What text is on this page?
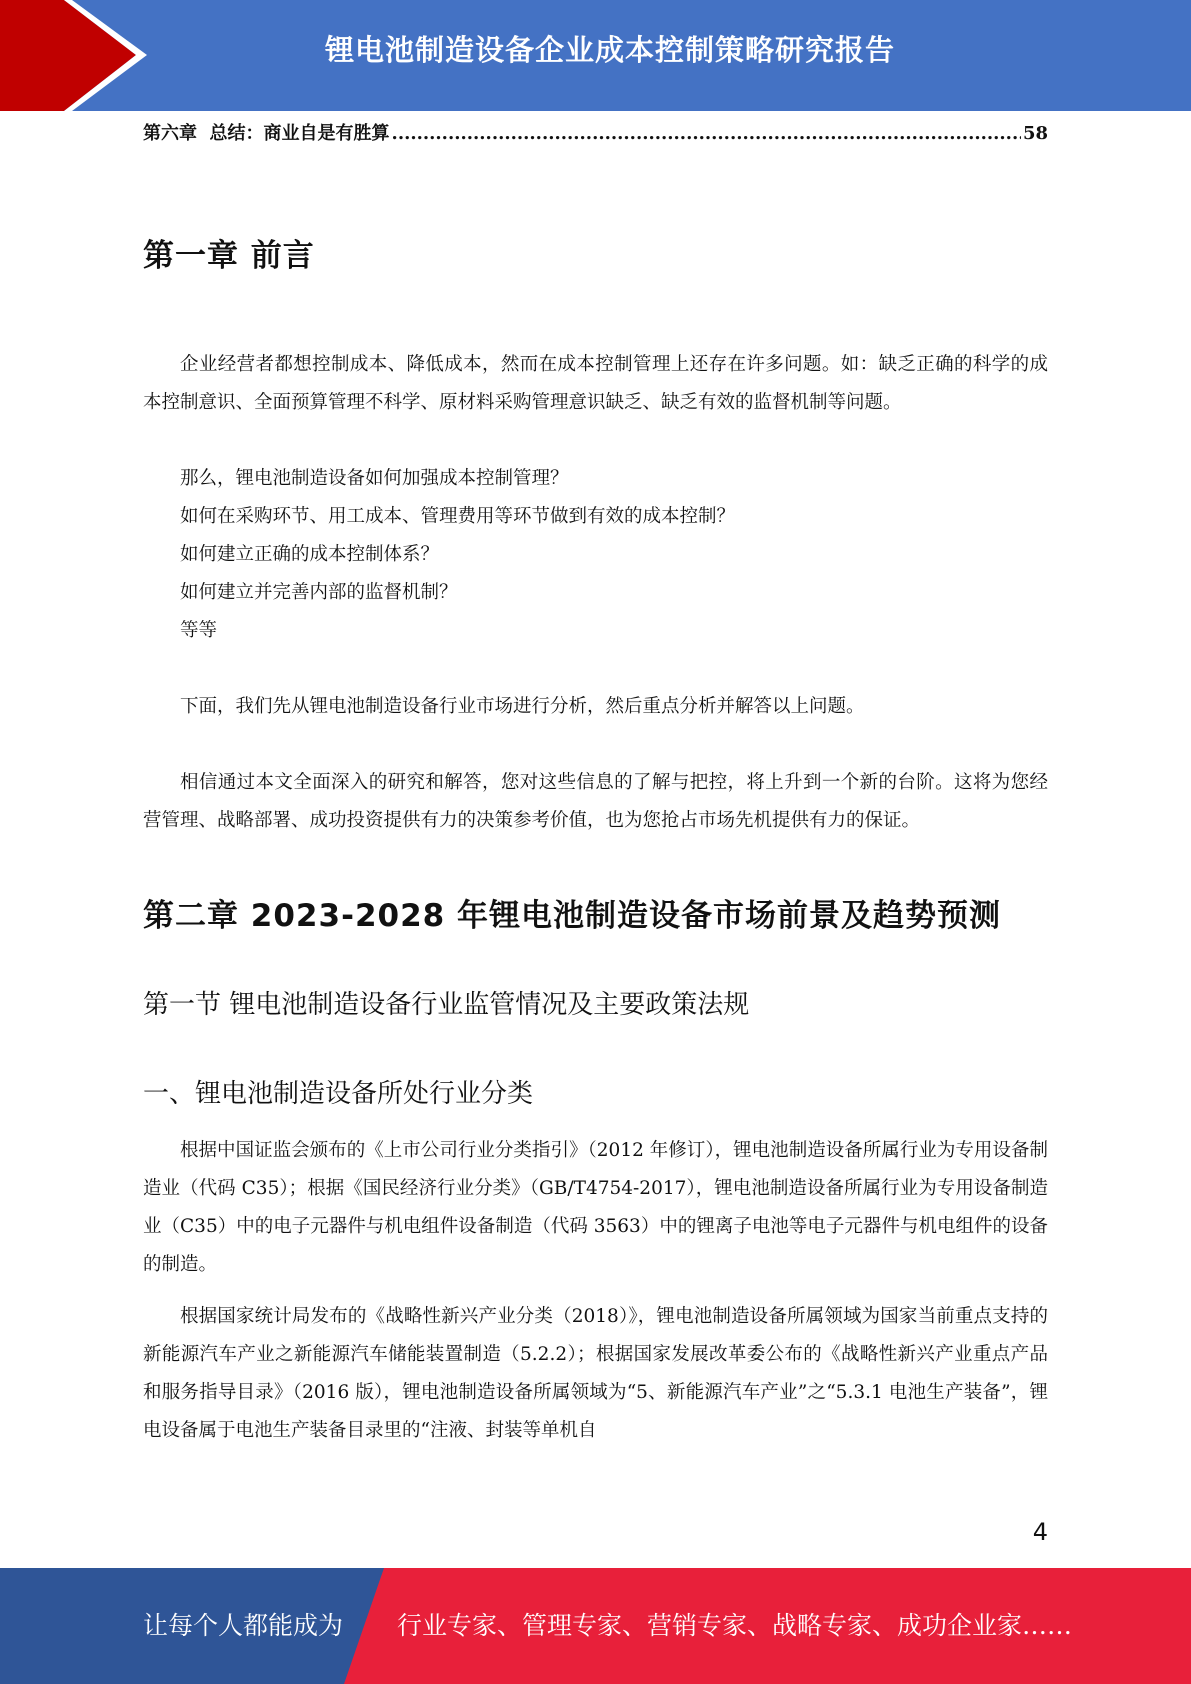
锂电池制造设备企业成本控制策略研究报告
第六章  总结：商业自是有胜算
.....	58
第一章 前言

企业经营者都想控制成本、降低成本，然而在成本控制管理上还存在许多问题。如：缺乏正确的科学的成本控制意识、全面预算管理不科学、原材料采购管理意识缺乏、缺乏有效的监督机制等问题。

那么，锂电池制造设备如何加强成本控制管理？

如何在采购环节、用工成本、管理费用等环节做到有效的成本控制？

如何建立正确的成本控制体系？

如何建立并完善内部的监督机制？

等等

下面，我们先从锂电池制造设备行业市场进行分析，然后重点分析并解答以上问题。

相信通过本文全面深入的研究和解答，您对这些信息的了解与把控，将上升到一个新的台阶。这将为您经营管理、战略部署、成功投资提供有力的决策参考价值，也为您抢占市场先机提供有力的保证。

第二章 2023-2028 年锂电池制造设备市场前景及趋势预测
第一节 锂电池制造设备行业监管情况及主要政策法规
一、锂电池制造设备所处行业分类

根据中国证监会颁布的《上市公司行业分类指引》（2012 年修订），锂电池制造设备所属行业为专用设备制造业（代码 C35）；根据《国民经济行业分类》（GB/T4754-2017），锂电池制造设备所属行业为专用设备制造业（C35）中的电子元器件与机电组件设备制造（代码 3563）中的锂离子电池等电子元器件与机电组件的设备的制造。

根据国家统计局发布的《战略性新兴产业分类（2018）》，锂电池制造设备所属领域为国家当前重点支持的新能源汽车产业之新能源汽车储能装置制造（5.2.2）；根据国家发展改革委公布的《战略性新兴产业重点产品和服务指导目录》（2016 版），锂电池制造设备所属领域为“5、新能源汽车产业”之“5.3.1 电池生产装备”，锂电设备属于电池生产装备目录里的“注液、封装等单机自

4
让每个人都能成为 行业专家、管理专家、营销专家、战略专家、成功企业家……
